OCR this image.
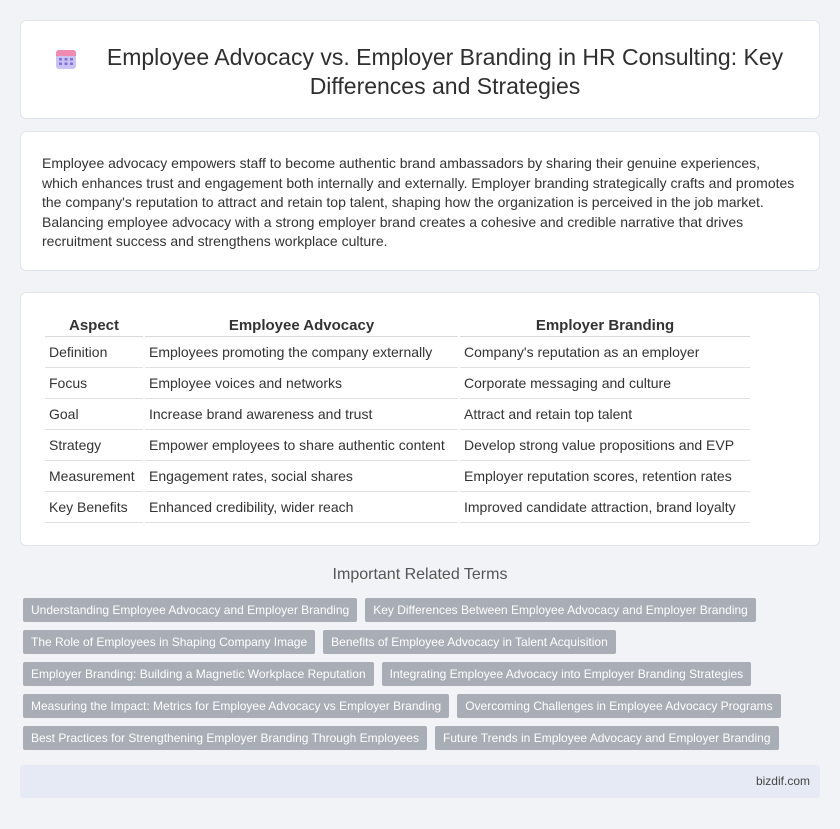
Employee Advocacy vs. Employer Branding in HR Consulting: Key Differences and Strategies

Employee advocacy empowers staff to become authentic brand ambassadors by sharing their genuine experiences, which enhances trust and engagement both internally and externally. Employer branding strategically crafts and promotes the company's reputation to attract and retain top talent, shaping how the organization is perceived in the job market. Balancing employee advocacy with a strong employer brand creates a cohesive and credible narrative that drives recruitment success and strengthens workplace culture.

Aspect	Employee Advocacy	Employer Branding
Definition	Employees promoting the company externally	Company's reputation as an employer
Focus	Employee voices and networks	Corporate messaging and culture
Goal	Increase brand awareness and trust	Attract and retain top talent
Strategy	Empower employees to share authentic content	Develop strong value propositions and EVP
Measurement	Engagement rates, social shares	Employer reputation scores, retention rates
Key Benefits	Enhanced credibility, wider reach	Improved candidate attraction, brand loyalty
Important Related Terms
Understanding Employee Advocacy and Employer Branding	Key Differences Between Employee Advocacy and Employer Branding
The Role of Employees in Shaping Company Image	Benefits of Employee Advocacy in Talent Acquisition
Employer Branding: Building a Magnetic Workplace Reputation	Integrating Employee Advocacy into Employer Branding Strategies
Measuring the Impact: Metrics for Employee Advocacy vs Employer Branding	Overcoming Challenges in Employee Advocacy Programs
Best Practices for Strengthening Employer Branding Through Employees	Future Trends in Employee Advocacy and Employer Branding
bizdif.com
